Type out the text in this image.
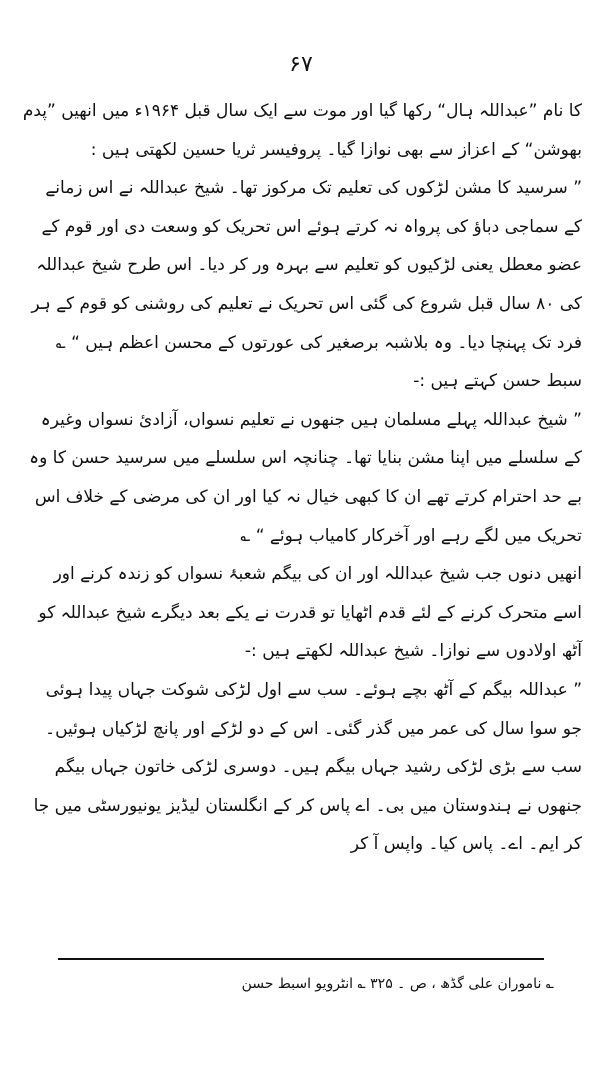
۶۷

کا نام ”عبداللہ ہال“ رکھا گیا اور موت سے ایک سال قبل ۱۹۶۴ء میں انھیں ”پدم بھوشن“ کے اعزاز سے بھی نوازا گیا۔ پروفیسر ثریا حسین لکھتی ہیں :

” سرسید کا مشن لڑکوں کی تعلیم تک مرکوز تھا۔ شیخ عبداللہ نے اس زمانے کے سماجی دباؤ کی پرواہ نہ کرتے ہوئے اس تحریک کو وسعت دی اور قوم کے عضو معطل یعنی لڑکیوں کو تعلیم سے بہرہ ور کر دیا۔ اس طرح شیخ عبداللہ کی ۸۰ سال قبل شروع کی گئی اس تحریک نے تعلیم کی روشنی کو قوم کے ہر فرد تک پہنچا دیا۔ وہ بلاشبہ برصغیر کی عورتوں کے محسن اعظم ہیں “ ؎

سبط حسن کہتے ہیں :-

” شیخ عبداللہ پہلے مسلمان ہیں جنھوں نے تعلیم نسواں، آزادئ نسواں وغیرہ کے سلسلے میں اپنا مشن بنایا تھا۔ چنانچہ اس سلسلے میں سرسید حسن کا وہ بے حد احترام کرتے تھے ان کا کبھی خیال نہ کیا اور ان کی مرضی کے خلاف اس تحریک میں لگے رہے اور آخرکار کامیاب ہوئے “ ؎

انھیں دنوں جب شیخ عبداللہ اور ان کی بیگم شعبۂ نسواں کو زندہ کرنے اور اسے متحرک کرنے کے لئے قدم اٹھایا تو قدرت نے یکے بعد دیگرے شیخ عبداللہ کو آٹھ اولادوں سے نوازا۔ شیخ عبداللہ لکھتے ہیں :-

” عبداللہ بیگم کے آٹھ بچے ہوئے۔ سب سے اول لڑکی شوکت جہاں پیدا ہوئی جو سوا سال کی عمر میں گذر گئی۔ اس کے دو لڑکے اور پانچ لڑکیاں ہوئیں۔ سب سے بڑی لڑکی رشید جہاں بیگم ہیں۔ دوسری لڑکی خاتون جہاں بیگم جنھوں نے ہندوستان میں بی۔ اے پاس کر کے انگلستان لیڈیز یونیورسٹی میں جا کر ایم۔ اے۔ پاس کیا۔ واپس آ کر

؎ ناموران علی گڈھ ، ص ۔ ۳۲۵ ؎ انٹرویو اسبط حسن
